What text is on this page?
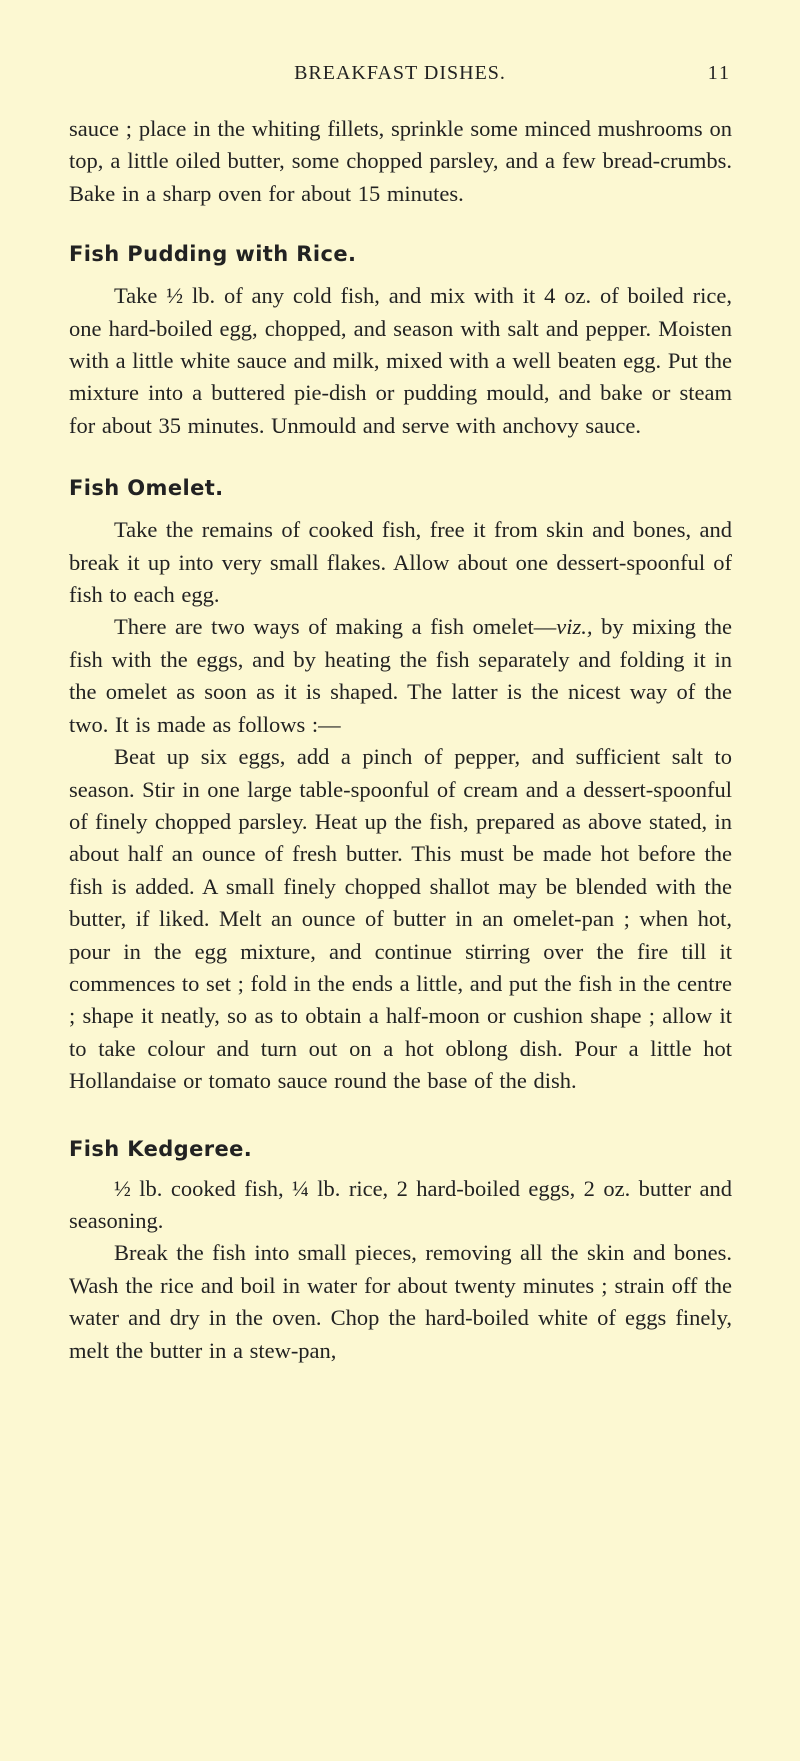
BREAKFAST DISHES.	11

sauce ; place in the whiting fillets, sprinkle some minced mushrooms on top, a little oiled butter, some chopped parsley, and a few bread-crumbs. Bake in a sharp oven for about 15 minutes.

Fish Pudding with Rice.

Take ½ lb. of any cold fish, and mix with it 4 oz. of boiled rice, one hard-boiled egg, chopped, and season with salt and pepper. Moisten with a little white sauce and milk, mixed with a well beaten egg. Put the mixture into a buttered pie-dish or pudding mould, and bake or steam for about 35 minutes. Unmould and serve with anchovy sauce.

Fish Omelet.

Take the remains of cooked fish, free it from skin and bones, and break it up into very small flakes. Allow about one dessert-spoonful of fish to each egg.

There are two ways of making a fish omelet—viz., by mixing the fish with the eggs, and by heating the fish separately and folding it in the omelet as soon as it is shaped. The latter is the nicest way of the two. It is made as follows :—

Beat up six eggs, add a pinch of pepper, and sufficient salt to season. Stir in one large table-spoonful of cream and a dessert-spoonful of finely chopped parsley. Heat up the fish, prepared as above stated, in about half an ounce of fresh butter. This must be made hot before the fish is added. A small finely chopped shallot may be blended with the butter, if liked. Melt an ounce of butter in an omelet-pan ; when hot, pour in the egg mixture, and continue stirring over the fire till it commences to set ; fold in the ends a little, and put the fish in the centre ; shape it neatly, so as to obtain a half-moon or cushion shape ; allow it to take colour and turn out on a hot oblong dish. Pour a little hot Hollandaise or tomato sauce round the base of the dish.

Fish Kedgeree.

½ lb. cooked fish, ¼ lb. rice, 2 hard-boiled eggs, 2 oz. butter and seasoning.

Break the fish into small pieces, removing all the skin and bones. Wash the rice and boil in water for about twenty minutes ; strain off the water and dry in the oven. Chop the hard-boiled white of eggs finely, melt the butter in a stew-pan,
